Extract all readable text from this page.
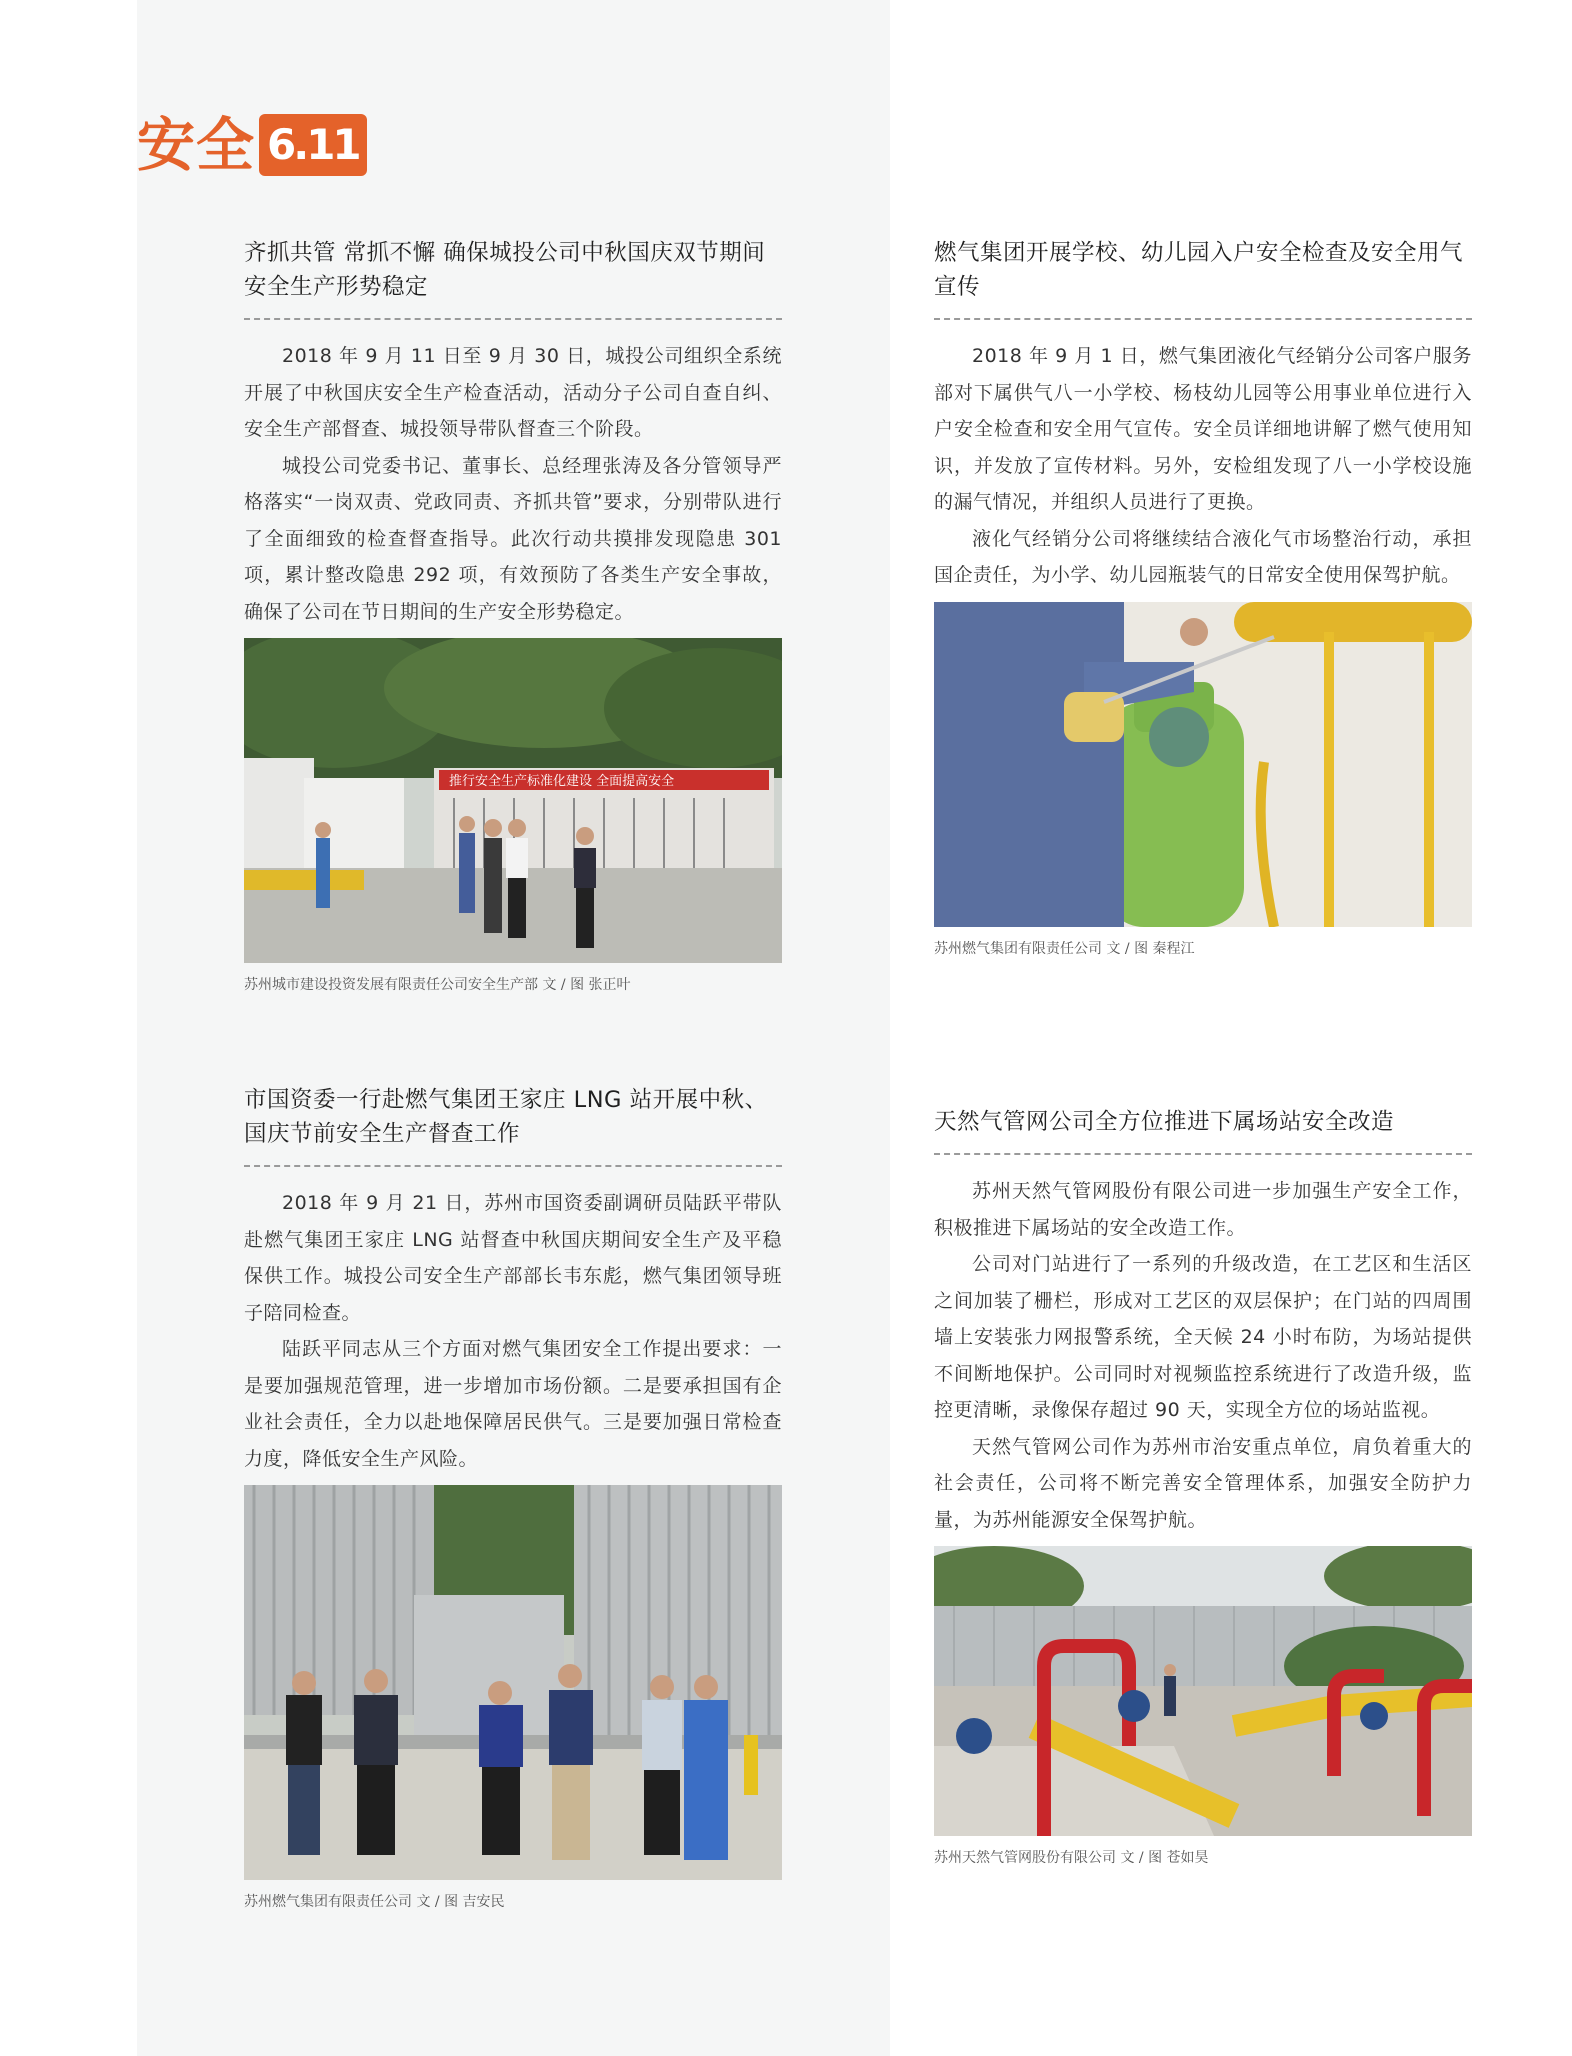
安全 6.11
齐抓共管 常抓不懈 确保城投公司中秋国庆双节期间安全生产形势稳定

2018 年 9 月 11 日至 9 月 30 日，城投公司组织全系统开展了中秋国庆安全生产检查活动，活动分子公司自查自纠、安全生产部督查、城投领导带队督查三个阶段。

城投公司党委书记、董事长、总经理张涛及各分管领导严格落实“一岗双责、党政同责、齐抓共管”要求，分别带队进行了全面细致的检查督查指导。此次行动共摸排发现隐患 301 项，累计整改隐患 292 项，有效预防了各类生产安全事故，确保了公司在节日期间的生产安全形势稳定。

推行安全生产标准化建设 全面提高安全
苏州城市建设投资发展有限责任公司安全生产部 文 / 图 张正叶
市国资委一行赴燃气集团王家庄 LNG 站开展中秋、国庆节前安全生产督查工作

2018 年 9 月 21 日，苏州市国资委副调研员陆跃平带队赴燃气集团王家庄 LNG 站督查中秋国庆期间安全生产及平稳保供工作。城投公司安全生产部部长韦东彪，燃气集团领导班子陪同检查。

陆跃平同志从三个方面对燃气集团安全工作提出要求：一是要加强规范管理，进一步增加市场份额。二是要承担国有企业社会责任，全力以赴地保障居民供气。三是要加强日常检查力度，降低安全生产风险。

苏州燃气集团有限责任公司 文 / 图 吉安民
燃气集团开展学校、幼儿园入户安全检查及安全用气宣传

2018 年 9 月 1 日，燃气集团液化气经销分公司客户服务部对下属供气八一小学校、杨枝幼儿园等公用事业单位进行入户安全检查和安全用气宣传。安全员详细地讲解了燃气使用知识，并发放了宣传材料。另外，安检组发现了八一小学校设施的漏气情况，并组织人员进行了更换。

液化气经销分公司将继续结合液化气市场整治行动，承担国企责任，为小学、幼儿园瓶装气的日常安全使用保驾护航。

苏州燃气集团有限责任公司 文 / 图 秦程江
天然气管网公司全方位推进下属场站安全改造

苏州天然气管网股份有限公司进一步加强生产安全工作，积极推进下属场站的安全改造工作。

公司对门站进行了一系列的升级改造，在工艺区和生活区之间加装了栅栏，形成对工艺区的双层保护；在门站的四周围墙上安装张力网报警系统，全天候 24 小时布防，为场站提供不间断地保护。公司同时对视频监控系统进行了改造升级，监控更清晰，录像保存超过 90 天，实现全方位的场站监视。

天然气管网公司作为苏州市治安重点单位，肩负着重大的社会责任，公司将不断完善安全管理体系，加强安全防护力量，为苏州能源安全保驾护航。

苏州天然气管网股份有限公司 文 / 图 苍如昊
